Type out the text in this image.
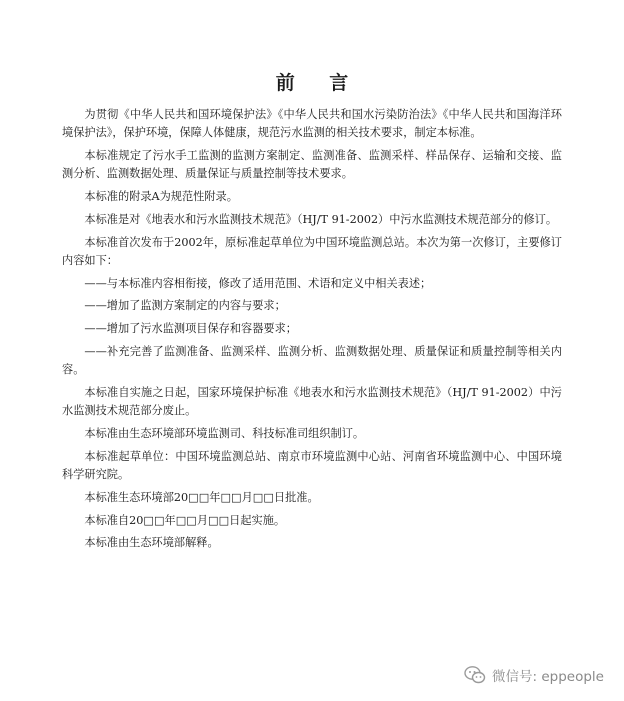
前 言

为贯彻《中华人民共和国环境保护法》《中华人民共和国水污染防治法》《中华人民共和国海洋环境保护法》，保护环境，保障人体健康，规范污水监测的相关技术要求，制定本标准。

本标准规定了污水手工监测的监测方案制定、监测准备、监测采样、样品保存、运输和交接、监测分析、监测数据处理、质量保证与质量控制等技术要求。

本标准的附录A为规范性附录。

本标准是对《地表水和污水监测技术规范》（HJ/T 91-2002）中污水监测技术规范部分的修订。

本标准首次发布于2002年，原标准起草单位为中国环境监测总站。本次为第一次修订，主要修订内容如下：

——与本标准内容相衔接，修改了适用范围、术语和定义中相关表述；

——增加了监测方案制定的内容与要求；

——增加了污水监测项目保存和容器要求；

——补充完善了监测准备、监测采样、监测分析、监测数据处理、质量保证和质量控制等相关内容。

本标准自实施之日起，国家环境保护标准《地表水和污水监测技术规范》（HJ/T 91-2002）中污水监测技术规范部分废止。

本标准由生态环境部环境监测司、科技标准司组织制订。

本标准起草单位：中国环境监测总站、南京市环境监测中心站、河南省环境监测中心、中国环境科学研究院。

本标准生态环境部20□□年□□月□□日批准。

本标准自20□□年□□月□□日起实施。

本标准由生态环境部解释。

微信号: eppeople
